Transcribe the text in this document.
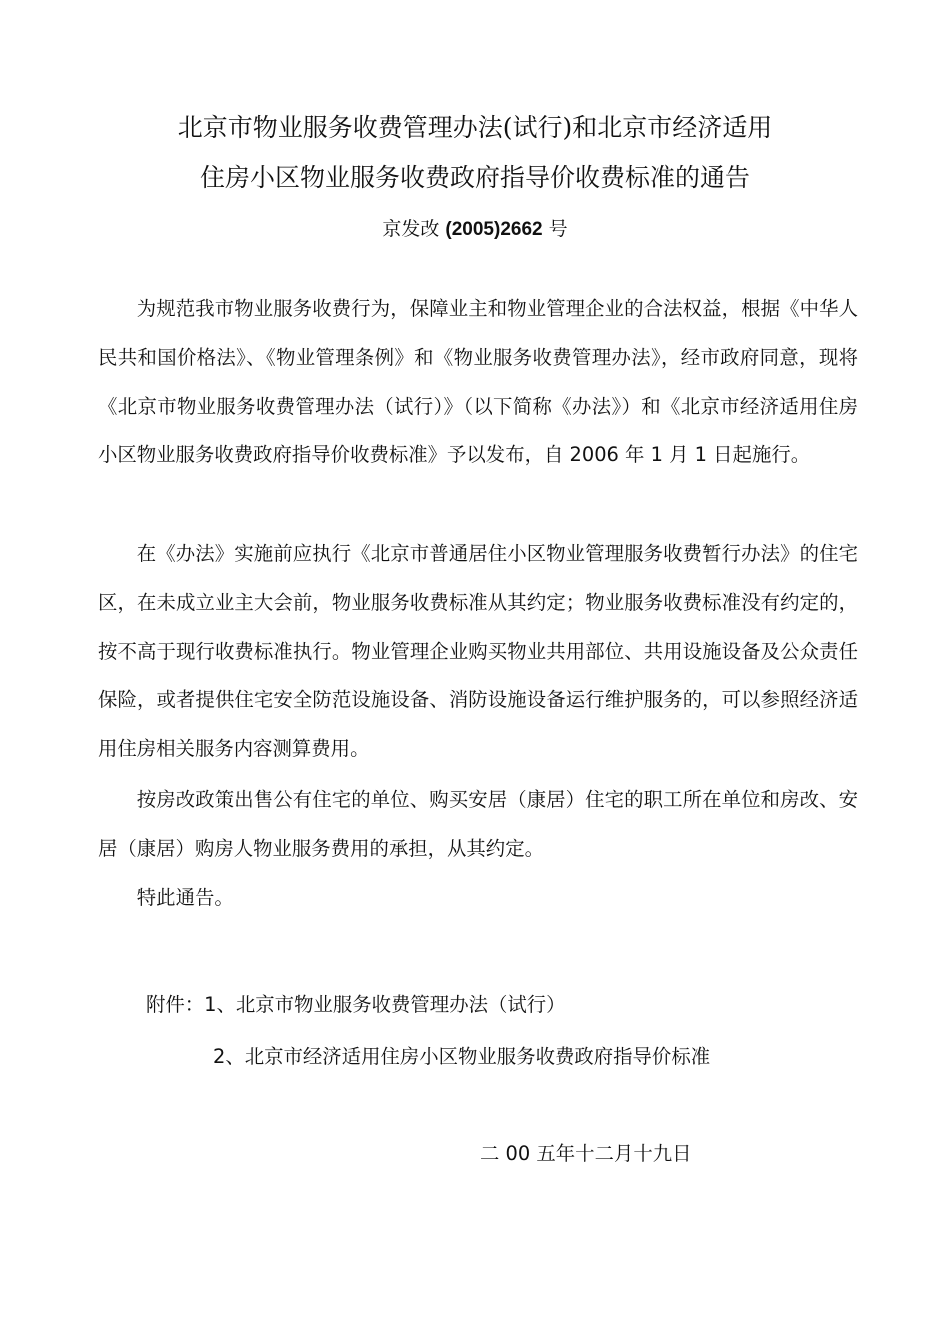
北京市物业服务收费管理办法(试行)和北京市经济适用
住房小区物业服务收费政府指导价收费标准的通告
京发改 (2005)2662 号

为规范我市物业服务收费行为，保障业主和物业管理企业的合法权益，根据《中华人民共和国价格法》、《物业管理条例》和《物业服务收费管理办法》，经市政府同意，现将《北京市物业服务收费管理办法（试行）》（以下简称《办法》）和《北京市经济适用住房小区物业服务收费政府指导价收费标准》予以发布，自 2006 年 1 月 1 日起施行。

在《办法》实施前应执行《北京市普通居住小区物业管理服务收费暂行办法》的住宅区，在未成立业主大会前，物业服务收费标准从其约定；物业服务收费标准没有约定的，按不高于现行收费标准执行。物业管理企业购买物业共用部位、共用设施设备及公众责任保险，或者提供住宅安全防范设施设备、消防设施设备运行维护服务的，可以参照经济适用住房相关服务内容测算费用。

按房改政策出售公有住宅的单位、购买安居（康居）住宅的职工所在单位和房改、安居（康居）购房人物业服务费用的承担，从其约定。

特此通告。

附件：1、北京市物业服务收费管理办法（试行）
2、北京市经济适用住房小区物业服务收费政府指导价标准
二 00 五年十二月十九日
